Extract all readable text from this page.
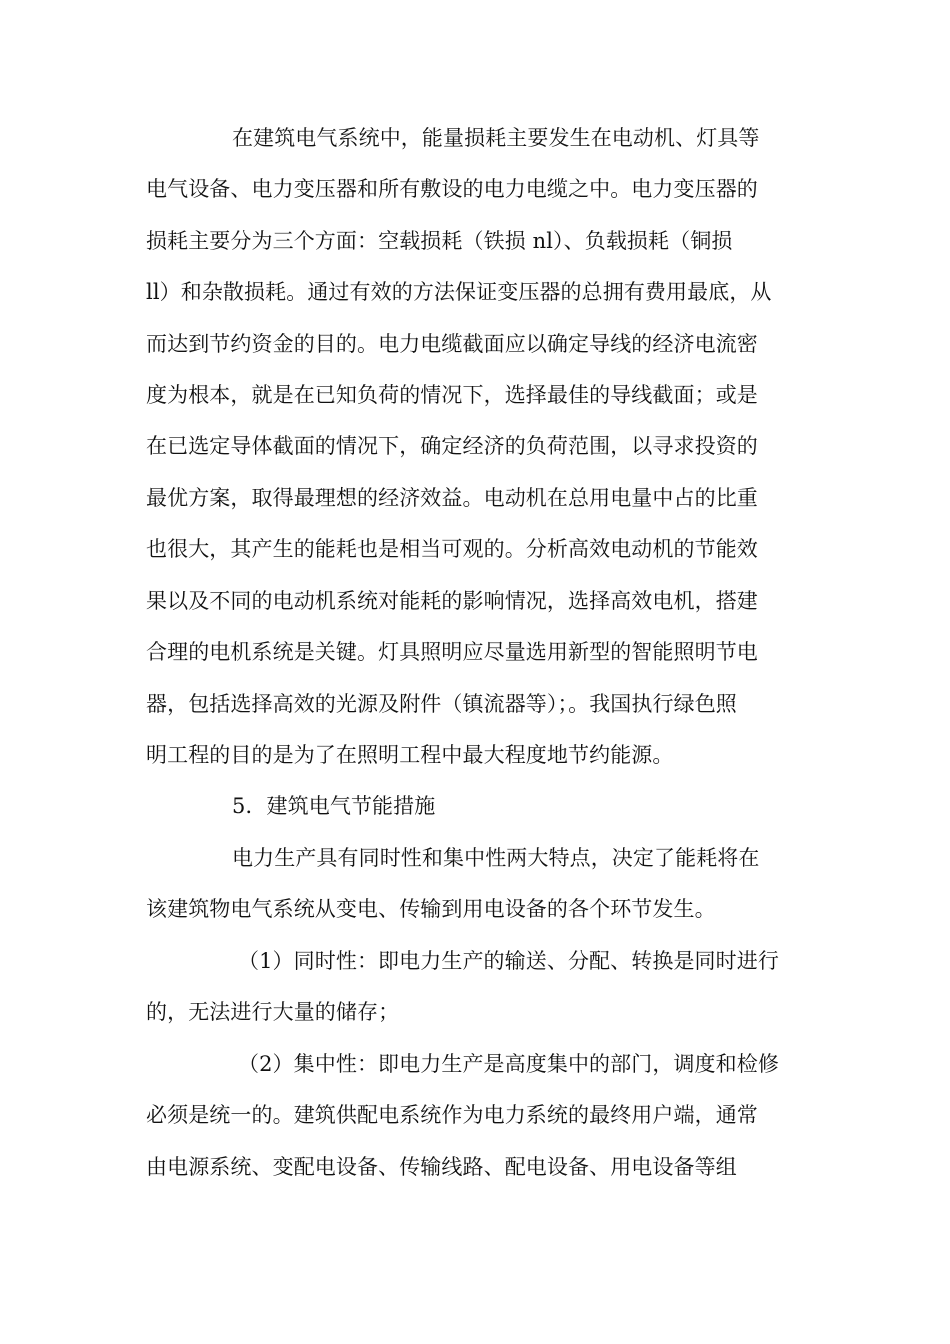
在建筑电气系统中，能量损耗主要发生在电动机、灯具等
电气设备、电力变压器和所有敷设的电力电缆之中。电力变压器的
损耗主要分为三个方面：空载损耗（铁损 nl）、负载损耗（铜损
ll）和杂散损耗。通过有效的方法保证变压器的总拥有费用最底，从
而达到节约资金的目的。电力电缆截面应以确定导线的经济电流密
度为根本，就是在已知负荷的情况下，选择最佳的导线截面；或是
在已选定导体截面的情况下，确定经济的负荷范围，以寻求投资的
最优方案，取得最理想的经济效益。电动机在总用电量中占的比重
也很大，其产生的能耗也是相当可观的。分析高效电动机的节能效
果以及不同的电动机系统对能耗的影响情况，选择高效电机，搭建
合理的电机系统是关键。灯具照明应尽量选用新型的智能照明节电
器，包括选择高效的光源及附件（镇流器等）；。我国执行绿色照
明工程的目的是为了在照明工程中最大程度地节约能源。
5．建筑电气节能措施
电力生产具有同时性和集中性两大特点，决定了能耗将在
该建筑物电气系统从变电、传输到用电设备的各个环节发生。
（1）同时性：即电力生产的输送、分配、转换是同时进行
的，无法进行大量的储存；
（2）集中性：即电力生产是高度集中的部门，调度和检修
必须是统一的。建筑供配电系统作为电力系统的最终用户端，通常
由电源系统、变配电设备、传输线路、配电设备、用电设备等组
